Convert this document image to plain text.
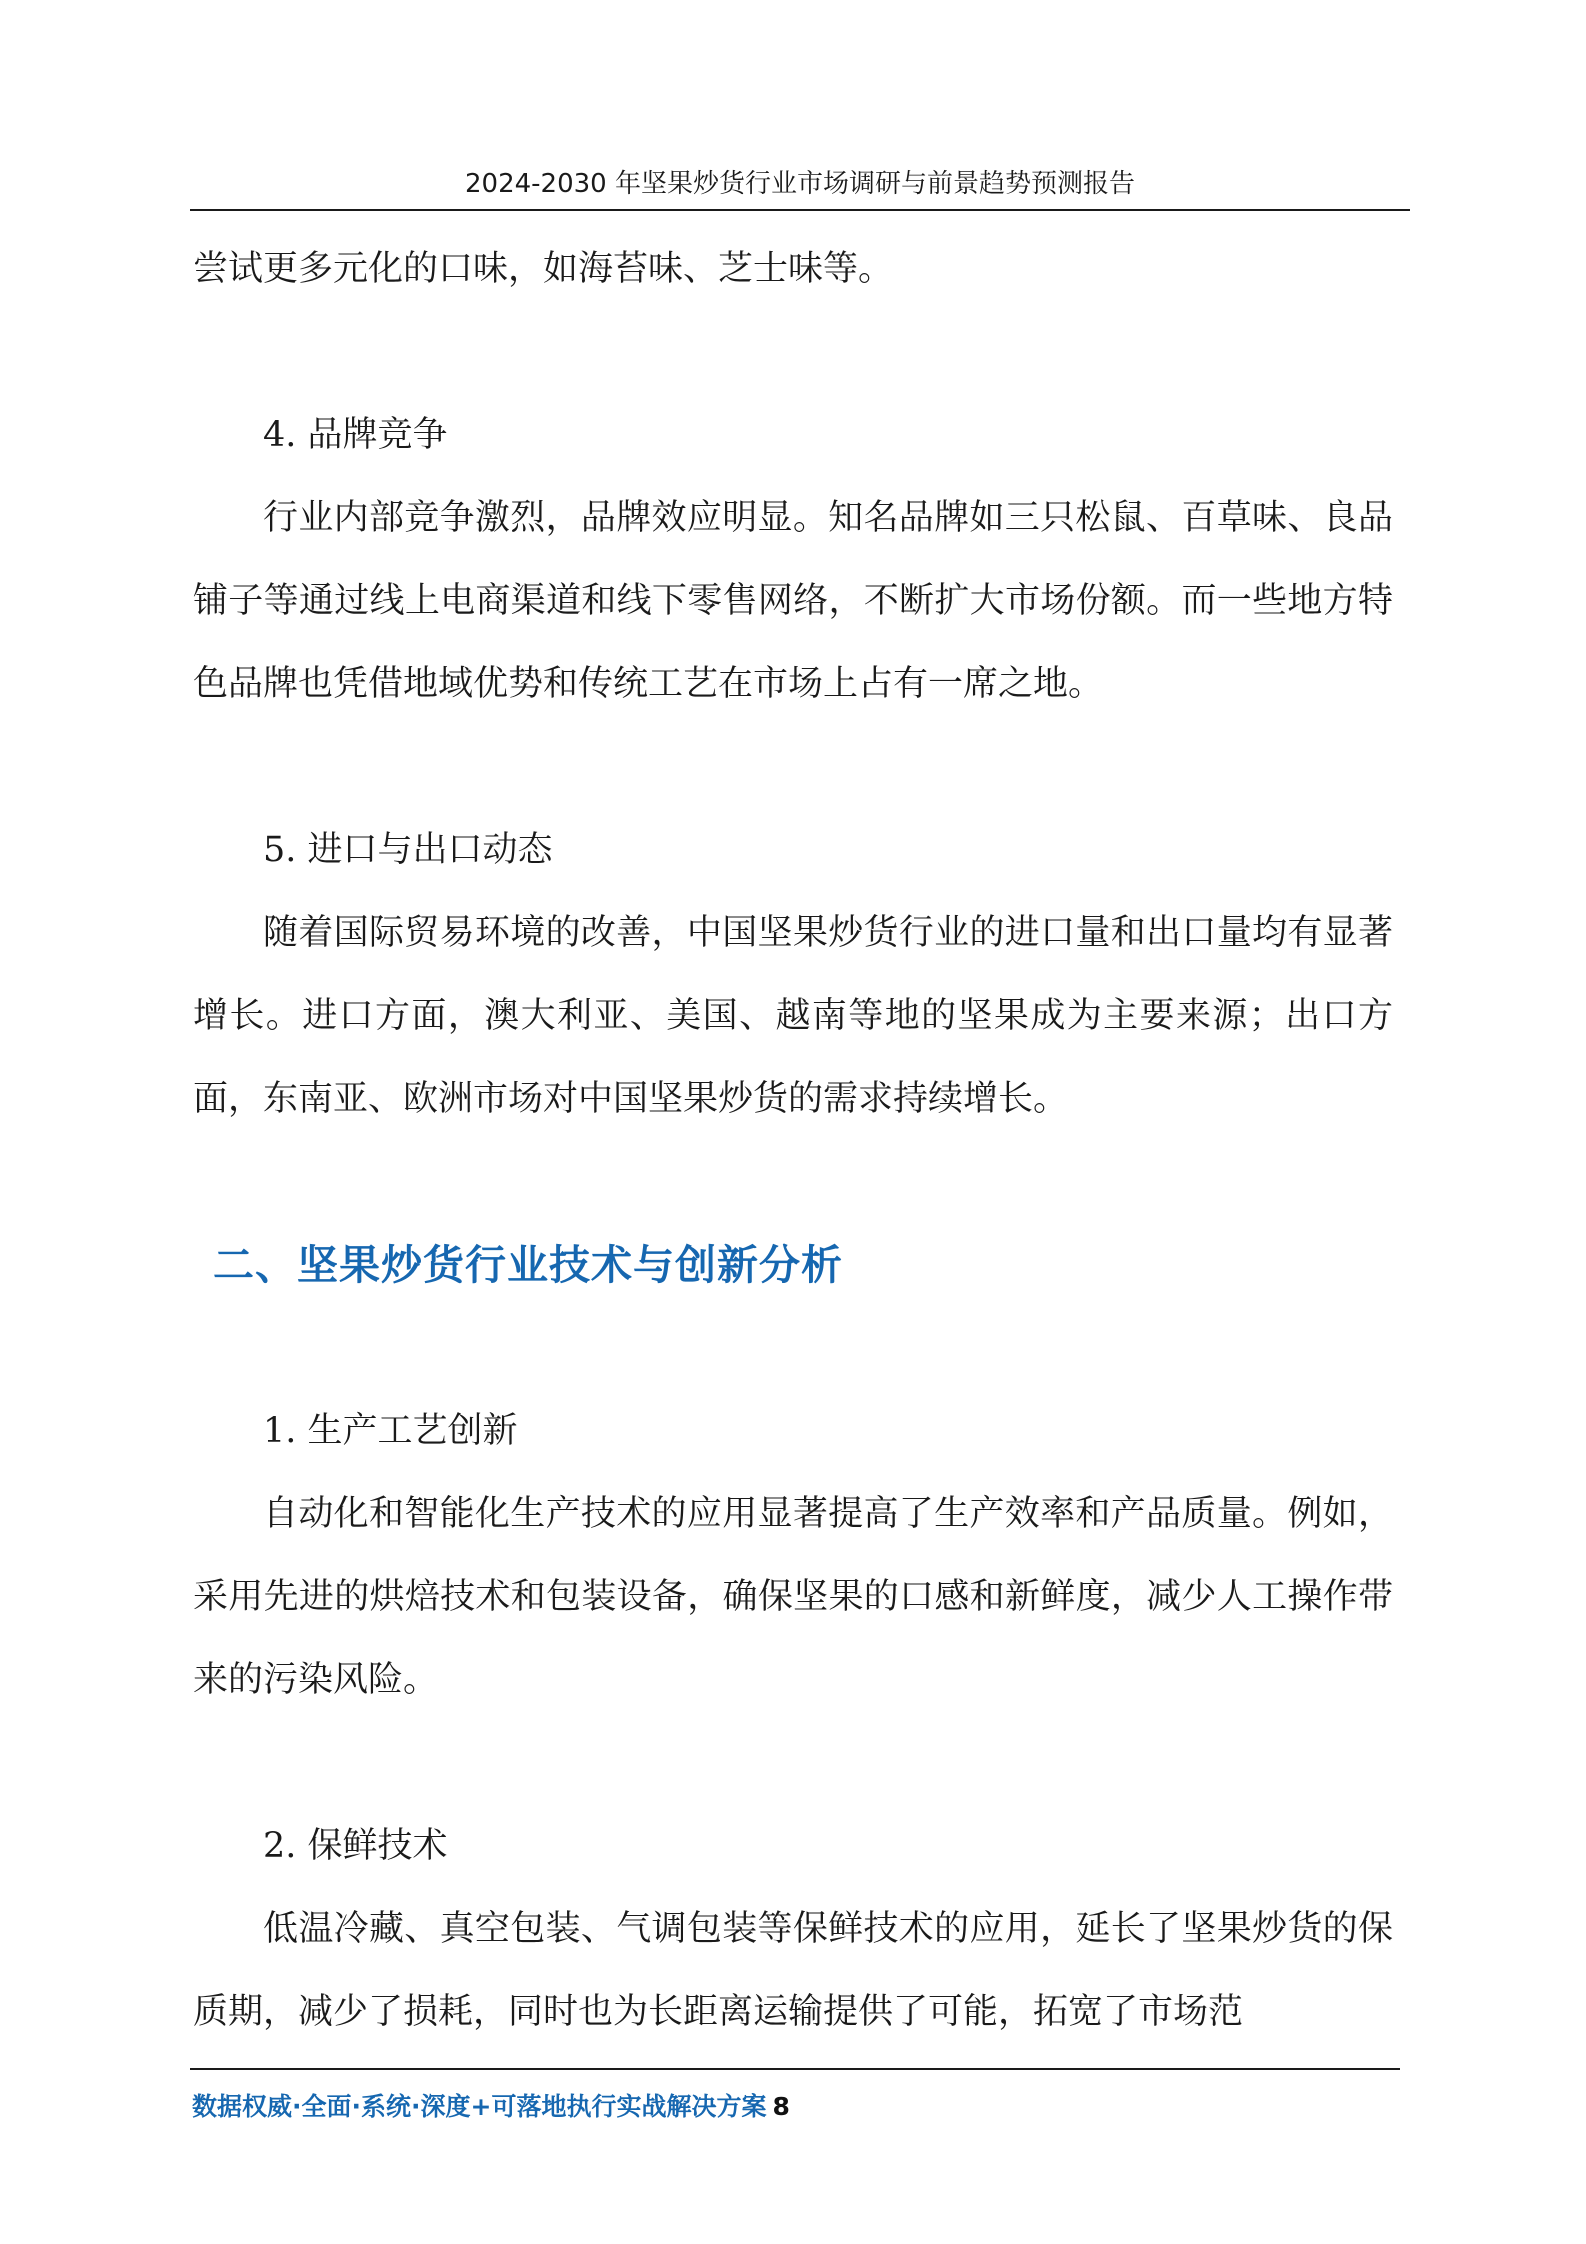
2024-2030 年坚果炒货行业市场调研与前景趋势预测报告

尝试更多元化的口味，如海苔味、芝士味等。

4. 品牌竞争

行业内部竞争激烈，品牌效应明显。知名品牌如三只松鼠、百草味、良品铺子等通过线上电商渠道和线下零售网络，不断扩大市场份额。而一些地方特色品牌也凭借地域优势和传统工艺在市场上占有一席之地。

5. 进口与出口动态

随着国际贸易环境的改善，中国坚果炒货行业的进口量和出口量均有显著增长。进口方面，澳大利亚、美国、越南等地的坚果成为主要来源；出口方面，东南亚、欧洲市场对中国坚果炒货的需求持续增长。

二、坚果炒货行业技术与创新分析

1. 生产工艺创新

自动化和智能化生产技术的应用显著提高了生产效率和产品质量。例如，采用先进的烘焙技术和包装设备，确保坚果的口感和新鲜度，减少人工操作带来的污染风险。

2. 保鲜技术

低温冷藏、真空包装、气调包装等保鲜技术的应用，延长了坚果炒货的保质期，减少了损耗，同时也为长距离运输提供了可能，拓宽了市场范

数据权威·全面·系统·深度+可落地执行实战解决方案 8
